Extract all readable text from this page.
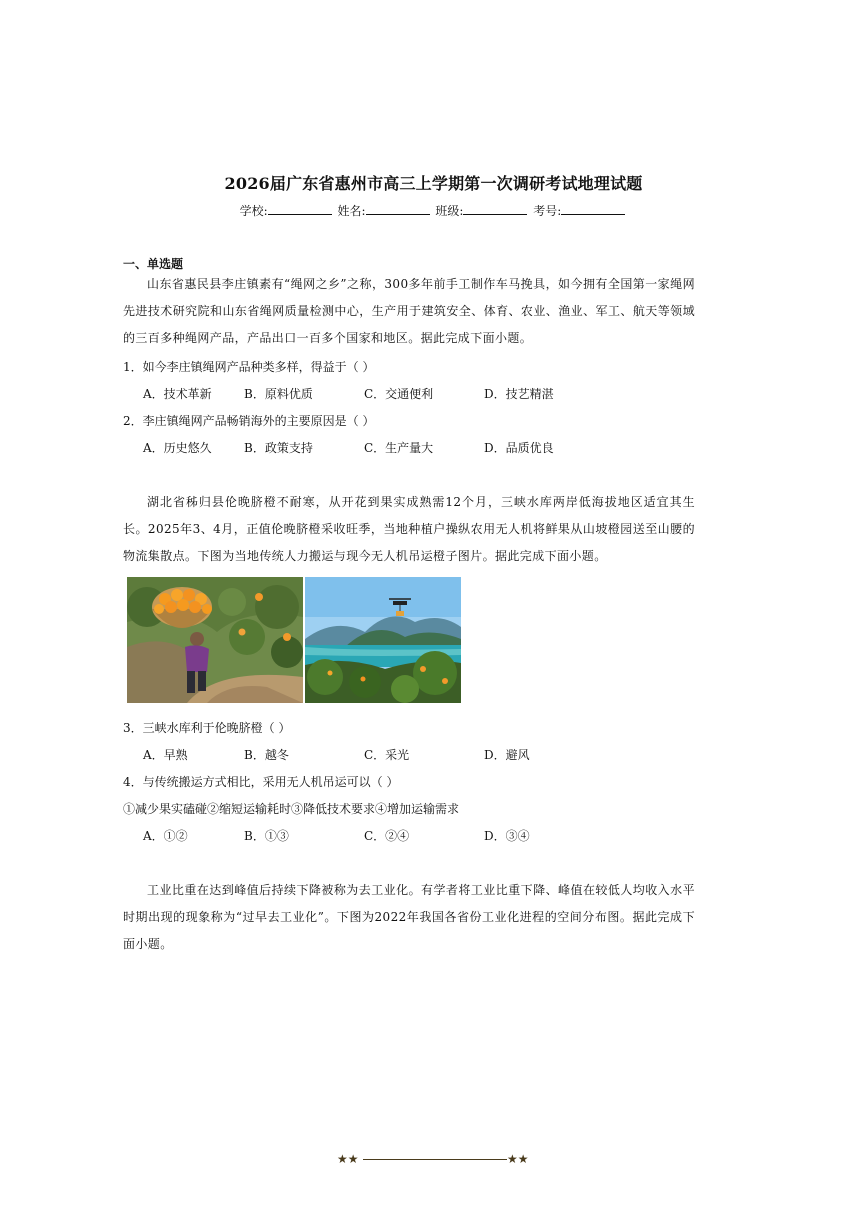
2026届广东省惠州市高三上学期第一次调研考试地理试题
学校:	姓名:	班级:	考号:
一、单选题
山东省惠民县李庄镇素有“绳网之乡”之称，300多年前手工制作车马挽具，如今拥有全国第一家绳网先进技术研究院和山东省绳网质量检测中心，生产用于建筑安全、体育、农业、渔业、军工、航天等领域的三百多种绳网产品，产品出口一百多个国家和地区。据此完成下面小题。
1．如今李庄镇绳网产品种类多样，得益于（ ）
A．技术革新	B．原料优质	C．交通便利	D．技艺精湛
2．李庄镇绳网产品畅销海外的主要原因是（ ）
A．历史悠久	B．政策支持	C．生产量大	D．品质优良
湖北省秭归县伦晚脐橙不耐寒，从开花到果实成熟需12个月，三峡水库两岸低海拔地区适宜其生长。2025年3、4月，正值伦晚脐橙采收旺季，当地种植户操纵农用无人机将鲜果从山坡橙园送至山腰的物流集散点。下图为当地传统人力搬运与现今无人机吊运橙子图片。据此完成下面小题。
3．三峡水库利于伦晚脐橙（ ）
A．早熟	B．越冬	C．采光	D．避风
4．与传统搬运方式相比，采用无人机吊运可以（ ）
①减少果实磕碰②缩短运输耗时③降低技术要求④增加运输需求
A．①②	B．①③	C．②④	D．③④
工业比重在达到峰值后持续下降被称为去工业化。有学者将工业比重下降、峰值在较低人均收入水平时期出现的现象称为“过早去工业化”。下图为2022年我国各省份工业化进程的空间分布图。据此完成下面小题。
★★	★★
